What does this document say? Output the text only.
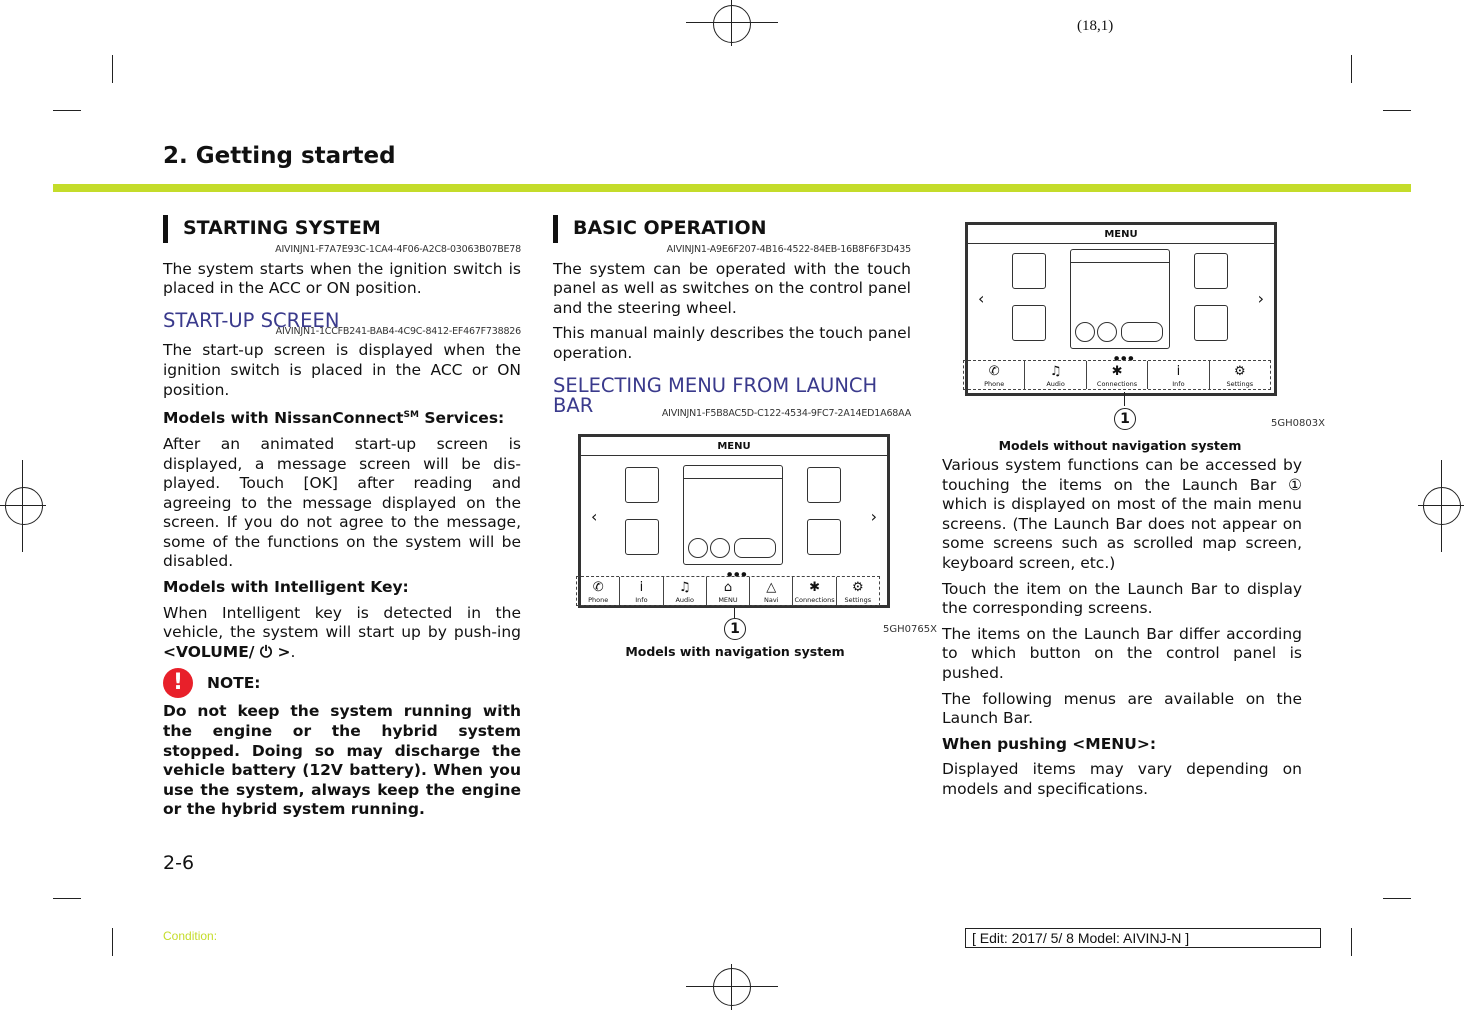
(18,1)
2. Getting started
STARTING SYSTEM
AIVINJN1-F7A7E93C-1CA4-4F06-A2C8-03063B07BE78

The system starts when the ignition switch is placed in the ACC or ON position.

START-UP SCREEN
AIVINJN1-1CCFB241-BAB4-4C9C-8412-EF467F738826

The start-up screen is displayed when the ignition switch is placed in the ACC or ON position.

Models with NissanConnect℠ Services:

After an animated start-up screen is displayed, a message screen will be dis-played. Touch [OK] after reading and agreeing to the message displayed on the screen. If you do not agree to the message, some of the functions on the system will be disabled.

Models with Intelligent Key:

When Intelligent key is detected in the vehicle, the system will start up by push-ing <VOLUME/ ⏻ >.

!	NOTE:

Do not keep the system running with the engine or the hybrid system stopped. Doing so may discharge the vehicle battery (12V battery). When you use the system, always keep the engine or the hybrid system running.

BASIC OPERATION
AIVINJN1-A9E6F207-4B16-4522-84EB-16B8F6F3D435

The system can be operated with the touch panel as well as switches on the control panel and the steering wheel.

This manual mainly describes the touch panel operation.

SELECTING MENU FROM LAUNCH BAR	AIVINJN1-F5B8AC5D-C122-4534-9FC7-2A14ED1A68AA
MENU
‹	›
● ● ●
✆
Phone
i
Info
♫
Audio
⌂
MENU
△
Navi
✱
Connections
⚙
Settings
1	5GH0765X
Models with navigation system
MENU
‹	›
● ● ●
✆
Phone
♫
Audio
✱
Connections
i
Info
⚙
Settings
1	5GH0803X
Models without navigation system

Various system functions can be accessed by touching the items on the Launch Bar ① which is displayed on most of the main menu screens. (The Launch Bar does not appear on some screens such as scrolled map screen, keyboard screen, etc.)

Touch the item on the Launch Bar to display the corresponding screens.

The items on the Launch Bar differ according to which button on the control panel is pushed.

The following menus are available on the Launch Bar.

When pushing <MENU>:

Displayed items may vary depending on models and specifications.

2-6
Condition:	[ Edit: 2017/ 5/ 8 Model: AIVINJ-N ]
